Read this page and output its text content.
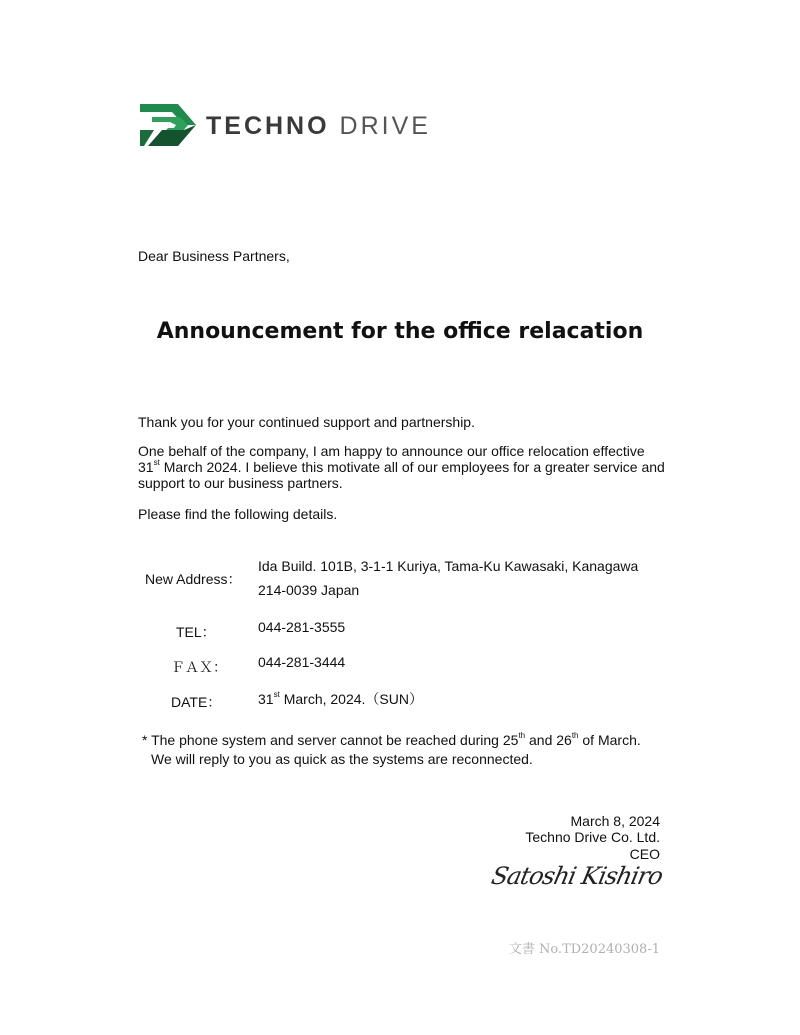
TECHNO DRIVE
Dear Business Partners,
Announcement for the office relacation
Thank you for your continued support and partnership.
One behalf of the company, I am happy to announce our office relocation effective 31st March 2024. I believe this motivate all of our employees for a greater service and support to our business partners.
Please find the following details.
New Address：
Ida Build. 101B, 3-1-1 Kuriya, Tama-Ku Kawasaki, Kanagawa
214-0039 Japan
TEL：	044-281-3555
ＦＡＸ： 044-281-3444
DATE：	31st March, 2024.（SUN）
* The phone system and server cannot be reached during 25th and 26th of March.
We will reply to you as quick as the systems are reconnected.
March 8, 2024
Techno Drive Co. Ltd.
CEO
Satoshi Kishiro
文書 No.TD20240308-1
